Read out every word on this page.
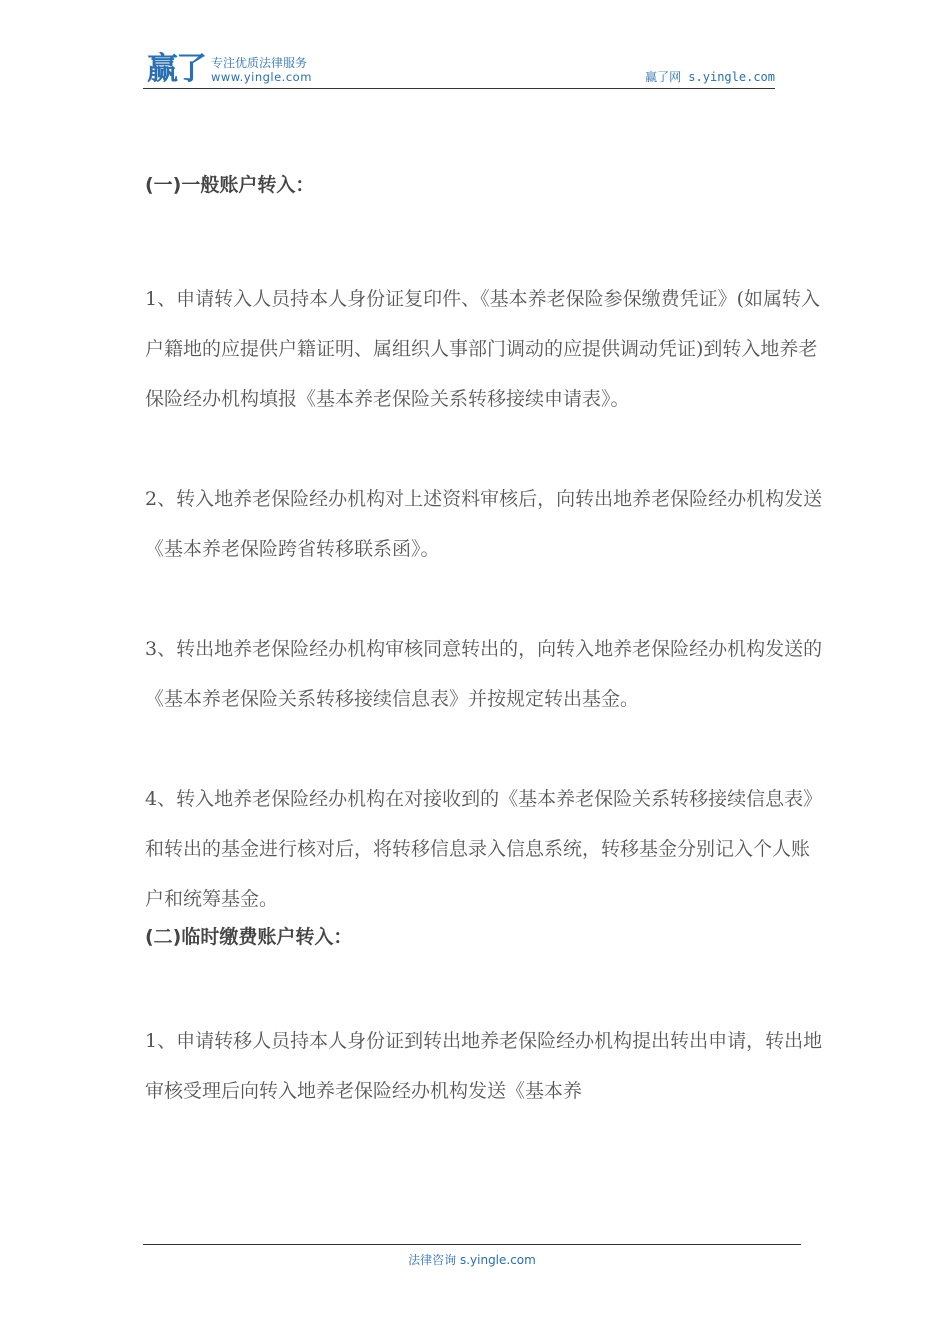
赢了 专注优质法律服务
www.yingle.com	赢了网 s.yingle.com

(一)一般账户转入：

1、申请转入人员持本人身份证复印件、《基本养老保险参保缴费凭证》(如属转入户籍地的应提供户籍证明、属组织人事部门调动的应提供调动凭证)到转入地养老保险经办机构填报《基本养老保险关系转移接续申请表》。

2、转入地养老保险经办机构对上述资料审核后，向转出地养老保险经办机构发送《基本养老保险跨省转移联系函》。

3、转出地养老保险经办机构审核同意转出的，向转入地养老保险经办机构发送的《基本养老保险关系转移接续信息表》并按规定转出基金。

4、转入地养老保险经办机构在对接收到的《基本养老保险关系转移接续信息表》和转出的基金进行核对后，将转移信息录入信息系统，转移基金分别记入个人账户和统筹基金。

(二)临时缴费账户转入：

1、申请转移人员持本人身份证到转出地养老保险经办机构提出转出申请，转出地审核受理后向转入地养老保险经办机构发送《基本养

法律咨询 s.yingle.com
